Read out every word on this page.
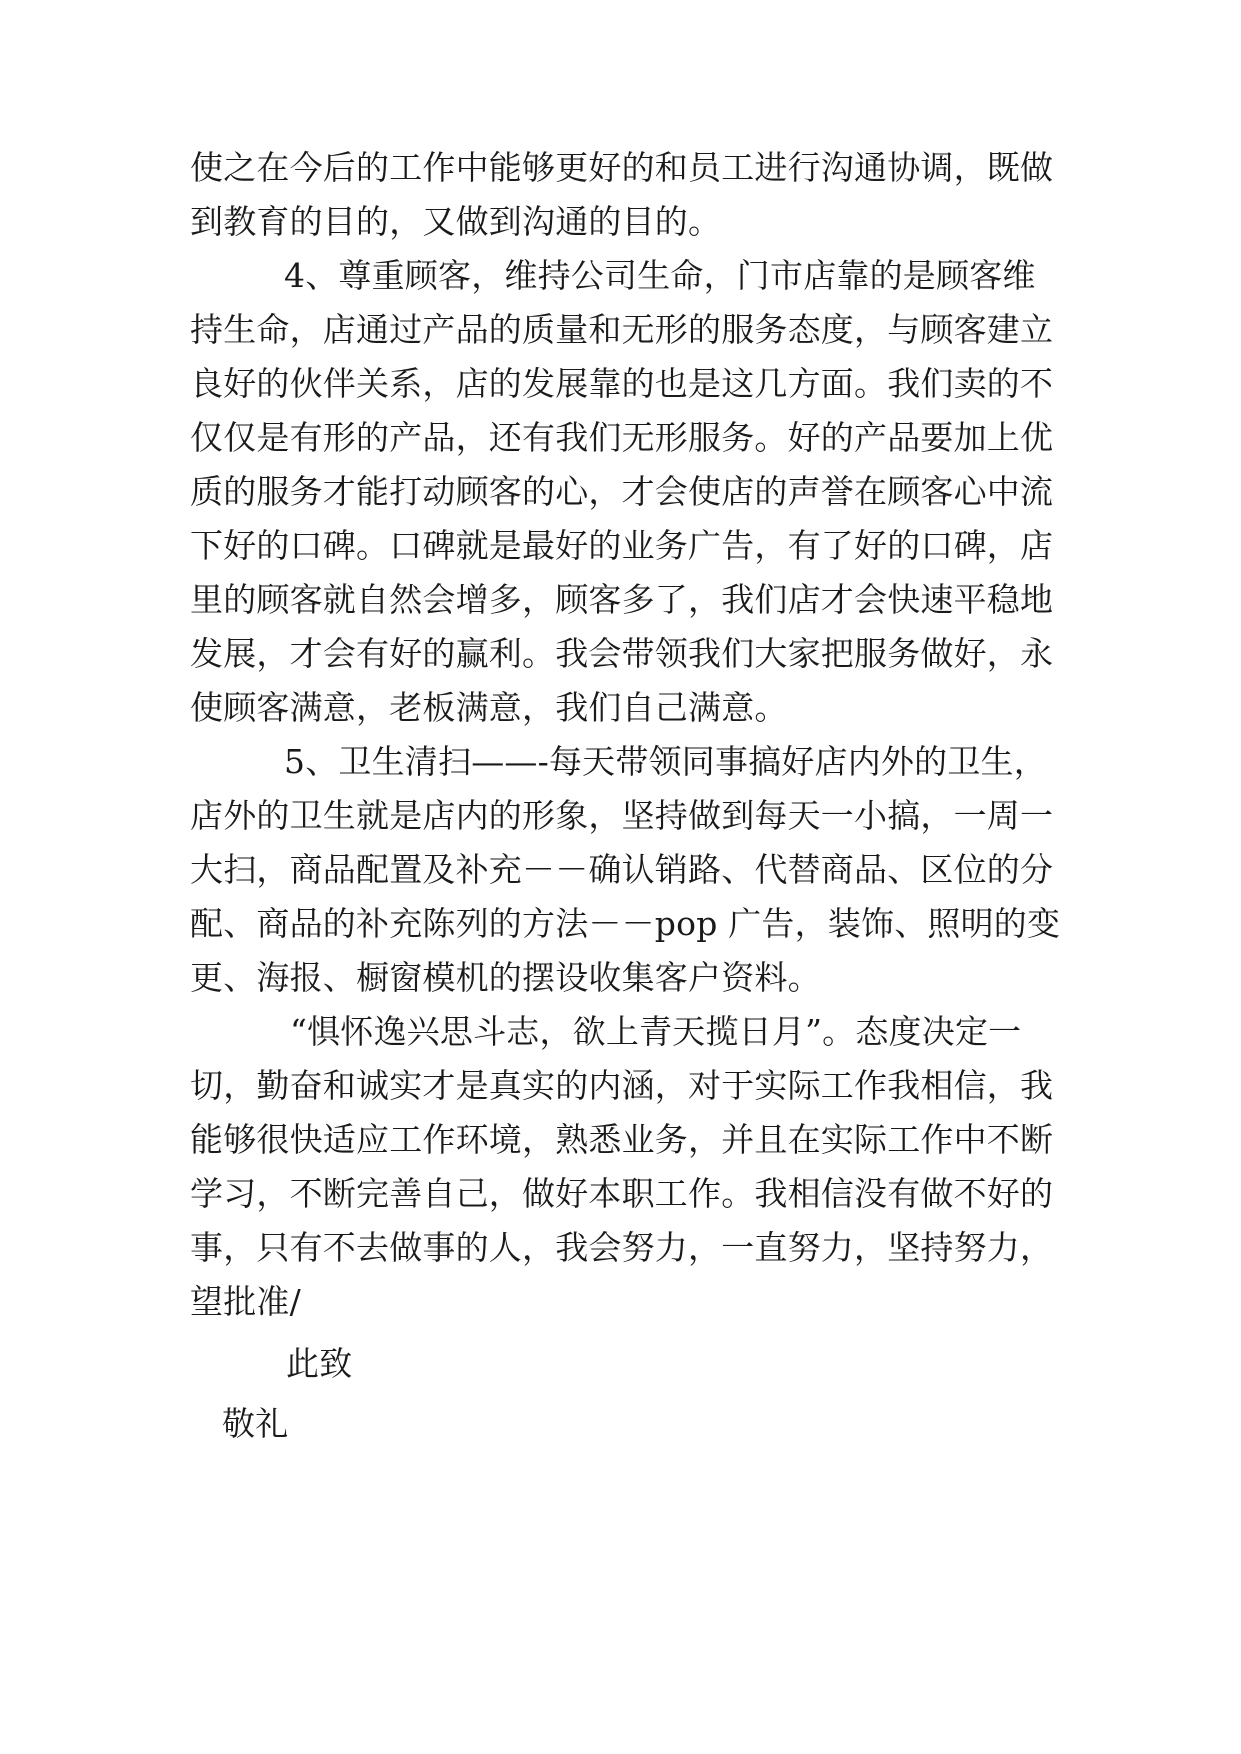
使之在今后的工作中能够更好的和员工进行沟通协调，既做
到教育的目的，又做到沟通的目的。
4、尊重顾客，维持公司生命，门市店靠的是顾客维
持生命，店通过产品的质量和无形的服务态度，与顾客建立
良好的伙伴关系，店的发展靠的也是这几方面。我们卖的不
仅仅是有形的产品，还有我们无形服务。好的产品要加上优
质的服务才能打动顾客的心，才会使店的声誉在顾客心中流
下好的口碑。口碑就是最好的业务广告，有了好的口碑，店
里的顾客就自然会增多，顾客多了，我们店才会快速平稳地
发展，才会有好的赢利。我会带领我们大家把服务做好，永
使顾客满意，老板满意，我们自己满意。
5、卫生清扫——-每天带领同事搞好店内外的卫生，
店外的卫生就是店内的形象，坚持做到每天一小搞，一周一
大扫，商品配置及补充－－确认销路、代替商品、区位的分
配、商品的补充陈列的方法－－pop 广告，装饰、照明的变
更、海报、橱窗模机的摆设收集客户资料。
“惧怀逸兴思斗志，欲上青天揽日月”。态度决定一
切，勤奋和诚实才是真实的内涵，对于实际工作我相信，我
能够很快适应工作环境，熟悉业务，并且在实际工作中不断
学习，不断完善自己，做好本职工作。我相信没有做不好的
事，只有不去做事的人，我会努力，一直努力，坚持努力，
望批准/
此致
敬礼
